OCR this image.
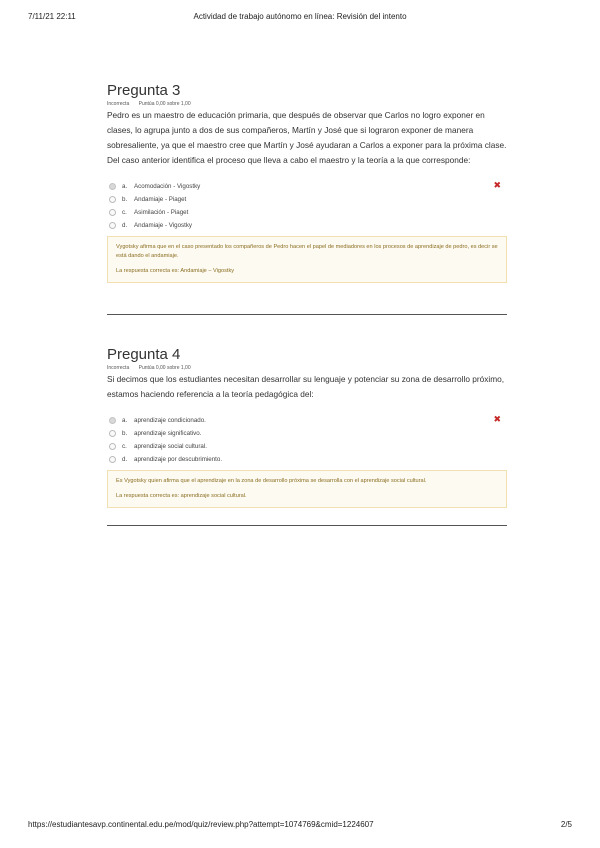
7/11/21 22:11	Actividad de trabajo autónomo en línea: Revisión del intento
Pregunta 3
Incorrecta Puntúa 0,00 sobre 1,00

Pedro es un maestro de educación primaria, que después de observar que Carlos no logro exponer en clases, lo agrupa junto a dos de sus compañeros, Martín y José que si lograron exponer de manera sobresaliente, ya que el maestro cree que Martín y José ayudaran a Carlos a exponer para la próxima clase. Del caso anterior identifica el proceso que lleva a cabo el maestro y la teoría a la que corresponde:

a.	Acomodación - Vigostky	✖
b.	Andamiaje - Piaget
c.	Asimilación - Piaget
d.	Andamiaje - Vigostky

Vygotsky afirma que en el caso presentado los compañeros de Pedro hacen el papel de mediadores en los procesos de aprendizaje de pedro, es decir se está dando el andamiaje.

La respuesta correcta es: Andamiaje – Vigostky

Pregunta 4
Incorrecta Puntúa 0,00 sobre 1,00

Si decimos que los estudiantes necesitan desarrollar su lenguaje y potenciar su zona de desarrollo próximo, estamos haciendo referencia a la teoría pedagógica del:

a.	aprendizaje condicionado.	✖
b.	aprendizaje significativo.
c.	aprendizaje social cultural.
d.	aprendizaje por descubrimiento.

Es Vygotsky quien afirma que el aprendizaje en la zona de desarrollo próxima se desarrolla con el aprendizaje social cultural.

La respuesta correcta es: aprendizaje social cultural.

https://estudiantesavp.continental.edu.pe/mod/quiz/review.php?attempt=1074769&cmid=1224607	2/5
